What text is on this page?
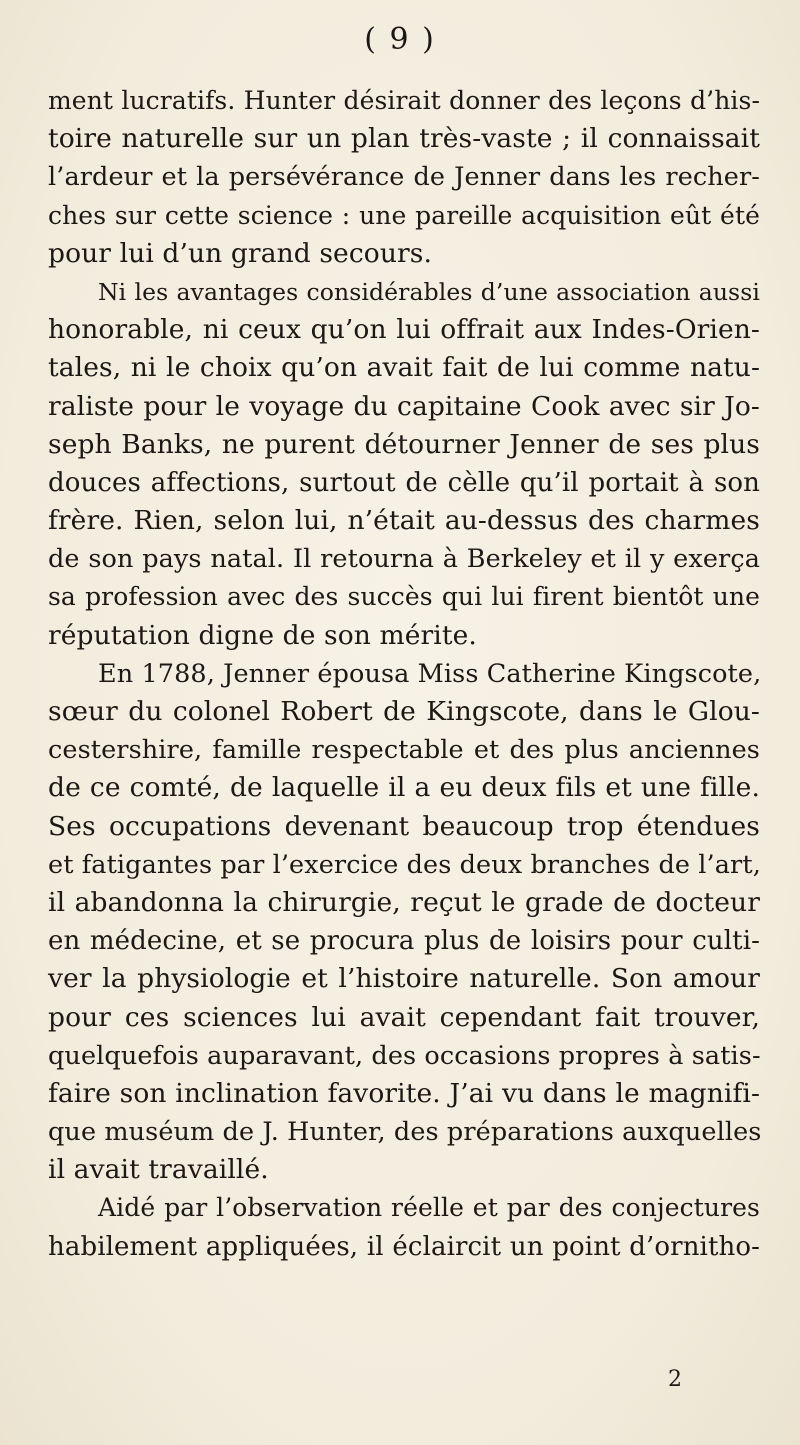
( 9 )

ment lucratifs. Hunter désirait donner des leçons d’his-
toire naturelle sur un plan très-vaste ; il connaissait
l’ardeur et la persévérance de Jenner dans les recher-
ches sur cette science : une pareille acquisition eût été
pour lui d’un grand secours.
Ni les avantages considérables d’une association aussi
honorable, ni ceux qu’on lui offrait aux Indes-Orien-
tales, ni le choix qu’on avait fait de lui comme natu-
raliste pour le voyage du capitaine Cook avec sir Jo-
seph Banks, ne purent détourner Jenner de ses plus
douces affections, surtout de cèlle qu’il portait à son
frère. Rien, selon lui, n’était au-dessus des charmes
de son pays natal. Il retourna à Berkeley et il y exerça
sa profession avec des succès qui lui firent bientôt une
réputation digne de son mérite.
En 1788, Jenner épousa Miss Catherine Kingscote,
sœur du colonel Robert de Kingscote, dans le Glou-
cestershire, famille respectable et des plus anciennes
de ce comté, de laquelle il a eu deux fils et une fille.
Ses occupations devenant beaucoup trop étendues
et fatigantes par l’exercice des deux branches de l’art,
il abandonna la chirurgie, reçut le grade de docteur
en médecine, et se procura plus de loisirs pour culti-
ver la physiologie et l’histoire naturelle. Son amour
pour ces sciences lui avait cependant fait trouver,
quelquefois auparavant, des occasions propres à satis-
faire son inclination favorite. J’ai vu dans le magnifi-
que muséum de J. Hunter, des préparations auxquelles
il avait travaillé.
Aidé par l’observation réelle et par des conjectures
habilement appliquées, il éclaircit un point d’ornitho-

2
